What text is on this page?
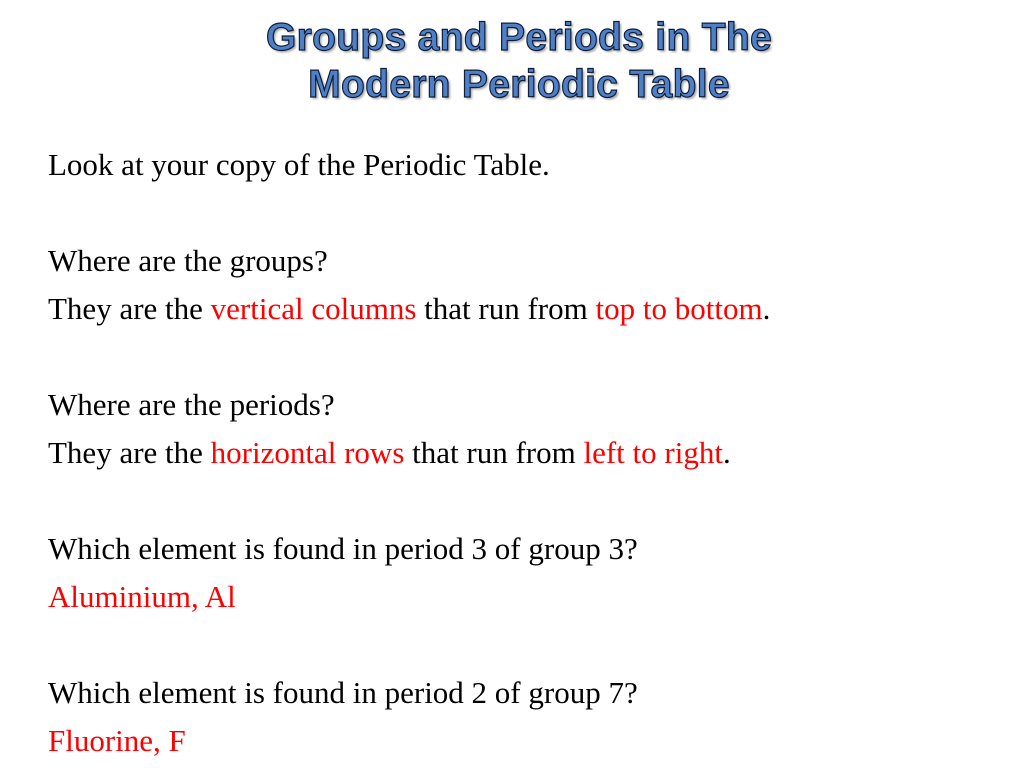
Groups and Periods in The
Modern Periodic Table
Look at your copy of the Periodic Table.
Where are the groups?
They are the vertical columns that run from top to bottom.
Where are the periods?
They are the horizontal rows that run from left to right.
Which element is found in period 3 of group 3?
Aluminium, Al
Which element is found in period 2 of group 7?
Fluorine, F
